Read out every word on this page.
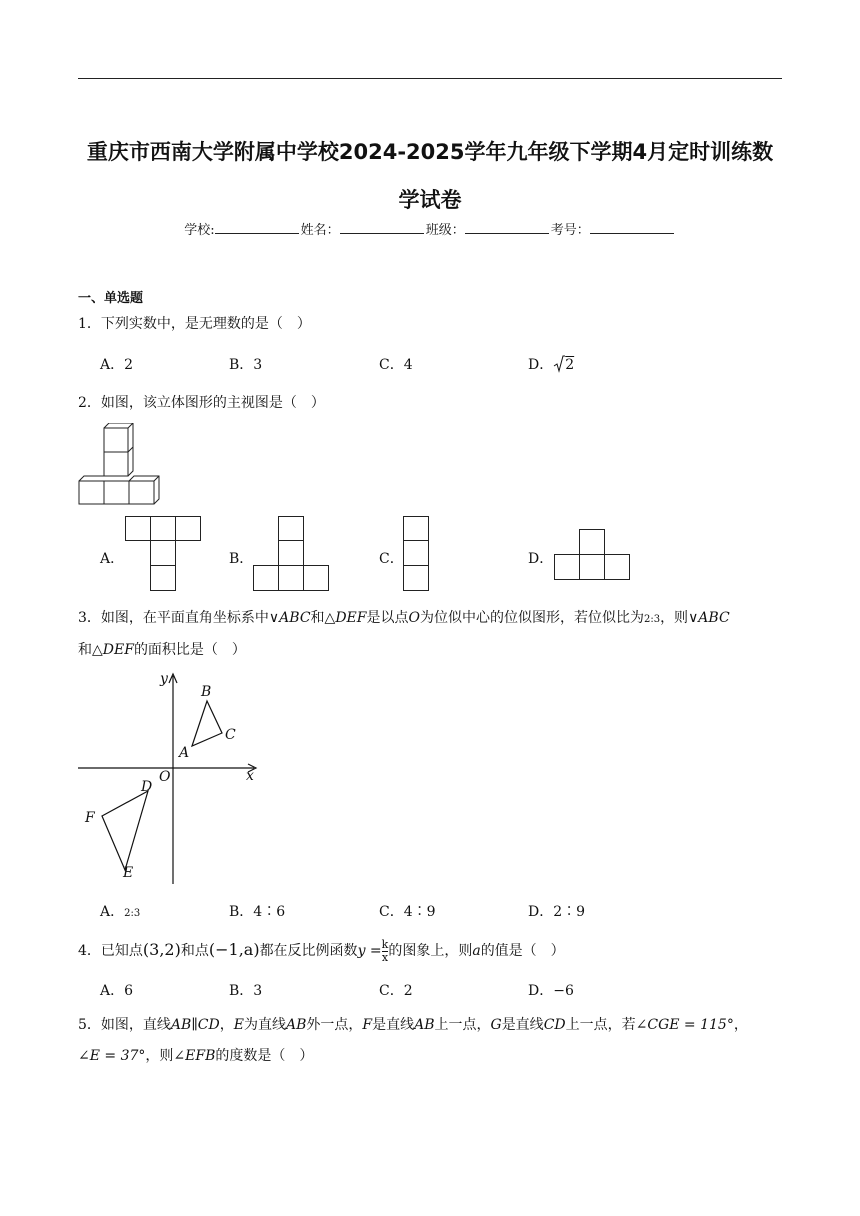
重庆市西南大学附属中学校2024-2025学年九年级下学期4月定时训练数
学试卷
学校:	姓名：	班级：	考号：
一、单选题
1．下列实数中，是无理数的是（　）
A．2	B．3	C．4	D． 2
2．如图，该立体图形的主视图是（　）
A．	B．	C．	D．
3．如图，在平面直角坐标系中∨ABC和△DEF是以点O为位似中心的位似图形，若位似比为2:3，则∨ABC
和△DEF的面积比是（　）
y
x
O
A
B
C
D
E
F
A．2:3	B．4∶6	C．4∶9	D．2∶9
4．已知点(3,2)和点(−1,a)都在反比例函数$y = \frac{k}{x}$ 的图象上，则a的值是（　）
A．6	B．3	C．2	D．−6
5．如图，直线AB∥CD，E为直线AB外一点，F是直线AB上一点，G是直线CD上一点，若∠CGE = 115°，
∠E = 37°，则∠EFB的度数是（　）
